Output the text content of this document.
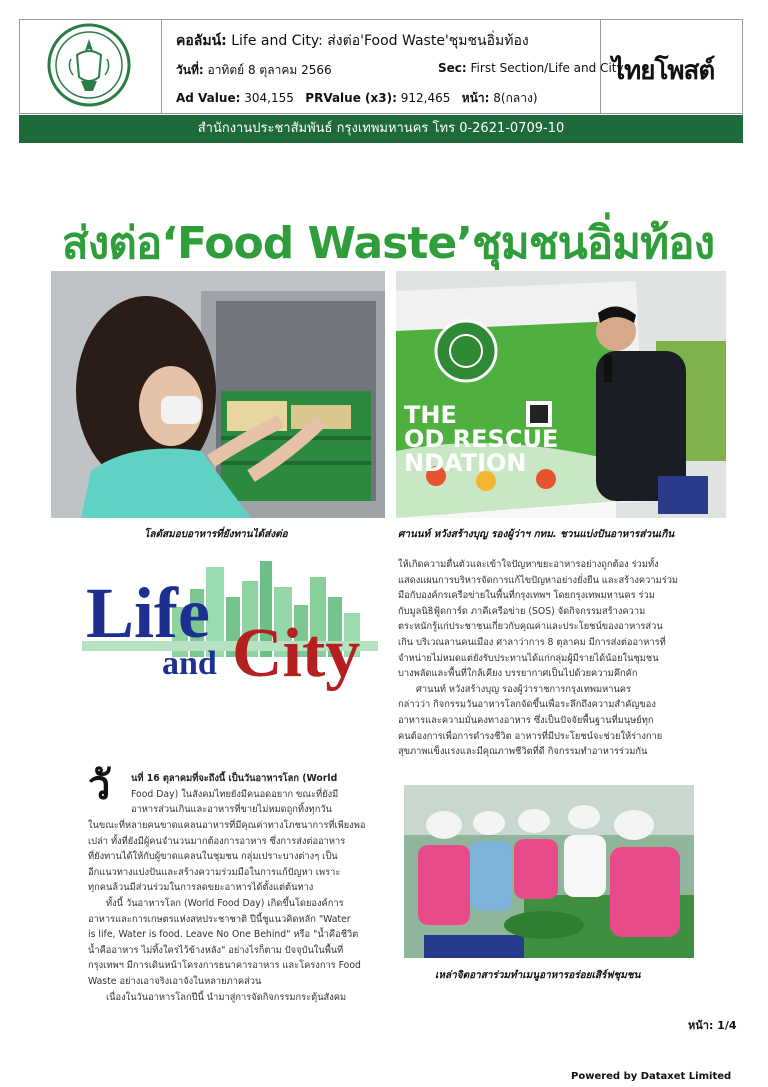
คอลัมน์: Life and City: ส่งต่อ'Food Waste'ชุมชนอิ่มท้อง
วันที่: อาทิตย์ 8 ตุลาคม 2566	Sec: First Section/Life and City
Ad Value: 304,155 PRValue (x3): 912,465 หน้า: 8(กลาง)
ไทยโพสต์
สำนักงานประชาสัมพันธ์ กรุงเทพมหานคร โทร 0-2621-0709-10
ส่งต่อ‘Food Waste’ชุมชนอิ่มท้อง
โลตัสมอบอาหารที่ยังทานได้ส่งต่อ
THE
OD RESCUE
NDATION
ศานนท์ หวังสร้างบุญ รองผู้ว่าฯ กทม. ชวนแบ่งปันอาหารส่วนเกิน
Life
and City
วั นที่ 16 ตุลาคมที่จะถึงนี้ เป็นวันอาหารโลก (World
Food Day) ในสังคมไทยยังมีคนอดอยาก ขณะที่ยังมี
อาหารส่วนเกินและอาหารที่ขายไม่หมดถูกทิ้งทุกวัน
ในขณะที่หลายคนขาดแคลนอาหารที่มีคุณค่าทางโภชนาการที่เพียงพอ
เปล่า ทั้งที่ยังมีผู้คนจำนวนมากต้องการอาหาร ซึ่งการส่งต่ออาหาร
ที่ยังทานได้ให้กับผู้ขาดแคลนในชุมชน กลุ่มเปราะบางต่างๆ เป็น
อีกแนวทางแบ่งปันและสร้างความร่วมมือในการแก้ปัญหา เพราะ
ทุกคนล้วนมีส่วนร่วมในการลดขยะอาหารได้ตั้งแต่ต้นทาง
ทั้งนี้ วันอาหารโลก (World Food Day) เกิดขึ้นโดยองค์การ
อาหารและการเกษตรแห่งสหประชาชาติ ปีนี้ชูแนวคิดหลัก "Water
is life, Water is food. Leave No One Behind" หรือ "น้ำคือชีวิต
น้ำคืออาหาร ไม่ทิ้งใครไว้ข้างหลัง" อย่างไรก็ตาม ปัจจุบันในพื้นที่
กรุงเทพฯ มีการเดินหน้าโครงการธนาคารอาหาร และโครงการ Food
Waste อย่างเอาจริงเอาจังในหลายภาคส่วน
เนื่องในวันอาหารโลกปีนี้ นำมาสู่การจัดกิจกรรมกระตุ้นสังคม
ให้เกิดความตื่นตัวและเข้าใจปัญหาขยะอาหารอย่างถูกต้อง ร่วมทั้ง
แสดงแผนการบริหารจัดการแก้ไขปัญหาอย่างยั่งยืน และสร้างความร่วม
มือกับองค์กรเครือข่ายในพื้นที่กรุงเทพฯ โดยกรุงเทพมหานคร ร่วม
กับมูลนิธิฟู้ดการ์ด ภาคีเครือข่าย (SOS) จัดกิจกรรมสร้างความ
ตระหนักรู้แก่ประชาชนเกี่ยวกับคุณค่าและประโยชน์ของอาหารส่วน
เกิน บริเวณลานคนเมือง ศาลาว่าการ 8 ตุลาคม มีการส่งต่ออาหารที่
จำหน่ายไม่หมดแต่ยังรับประทานได้แก่กลุ่มผู้มีรายได้น้อยในชุมชน
บางพลัดและพื้นที่ใกล้เคียง บรรยากาศเป็นไปด้วยความคึกคัก
ศานนท์ หวังสร้างบุญ รองผู้ว่าราชการกรุงเทพมหานคร
กล่าวว่า กิจกรรมวันอาหารโลกจัดขึ้นเพื่อระลึกถึงความสำคัญของ
อาหารและความมั่นคงทางอาหาร ซึ่งเป็นปัจจัยพื้นฐานที่มนุษย์ทุก
คนต้องการเพื่อการดำรงชีวิต อาหารที่มีประโยชน์จะช่วยให้ร่างกาย
สุขภาพแข็งแรงและมีคุณภาพชีวิตที่ดี กิจกรรมทำอาหารร่วมกัน
เหล่าจิตอาสาร่วมทำเมนูอาหารอร่อยเสิร์ฟชุมชน
หน้า: 1/4
Powered by Dataxet Limited
